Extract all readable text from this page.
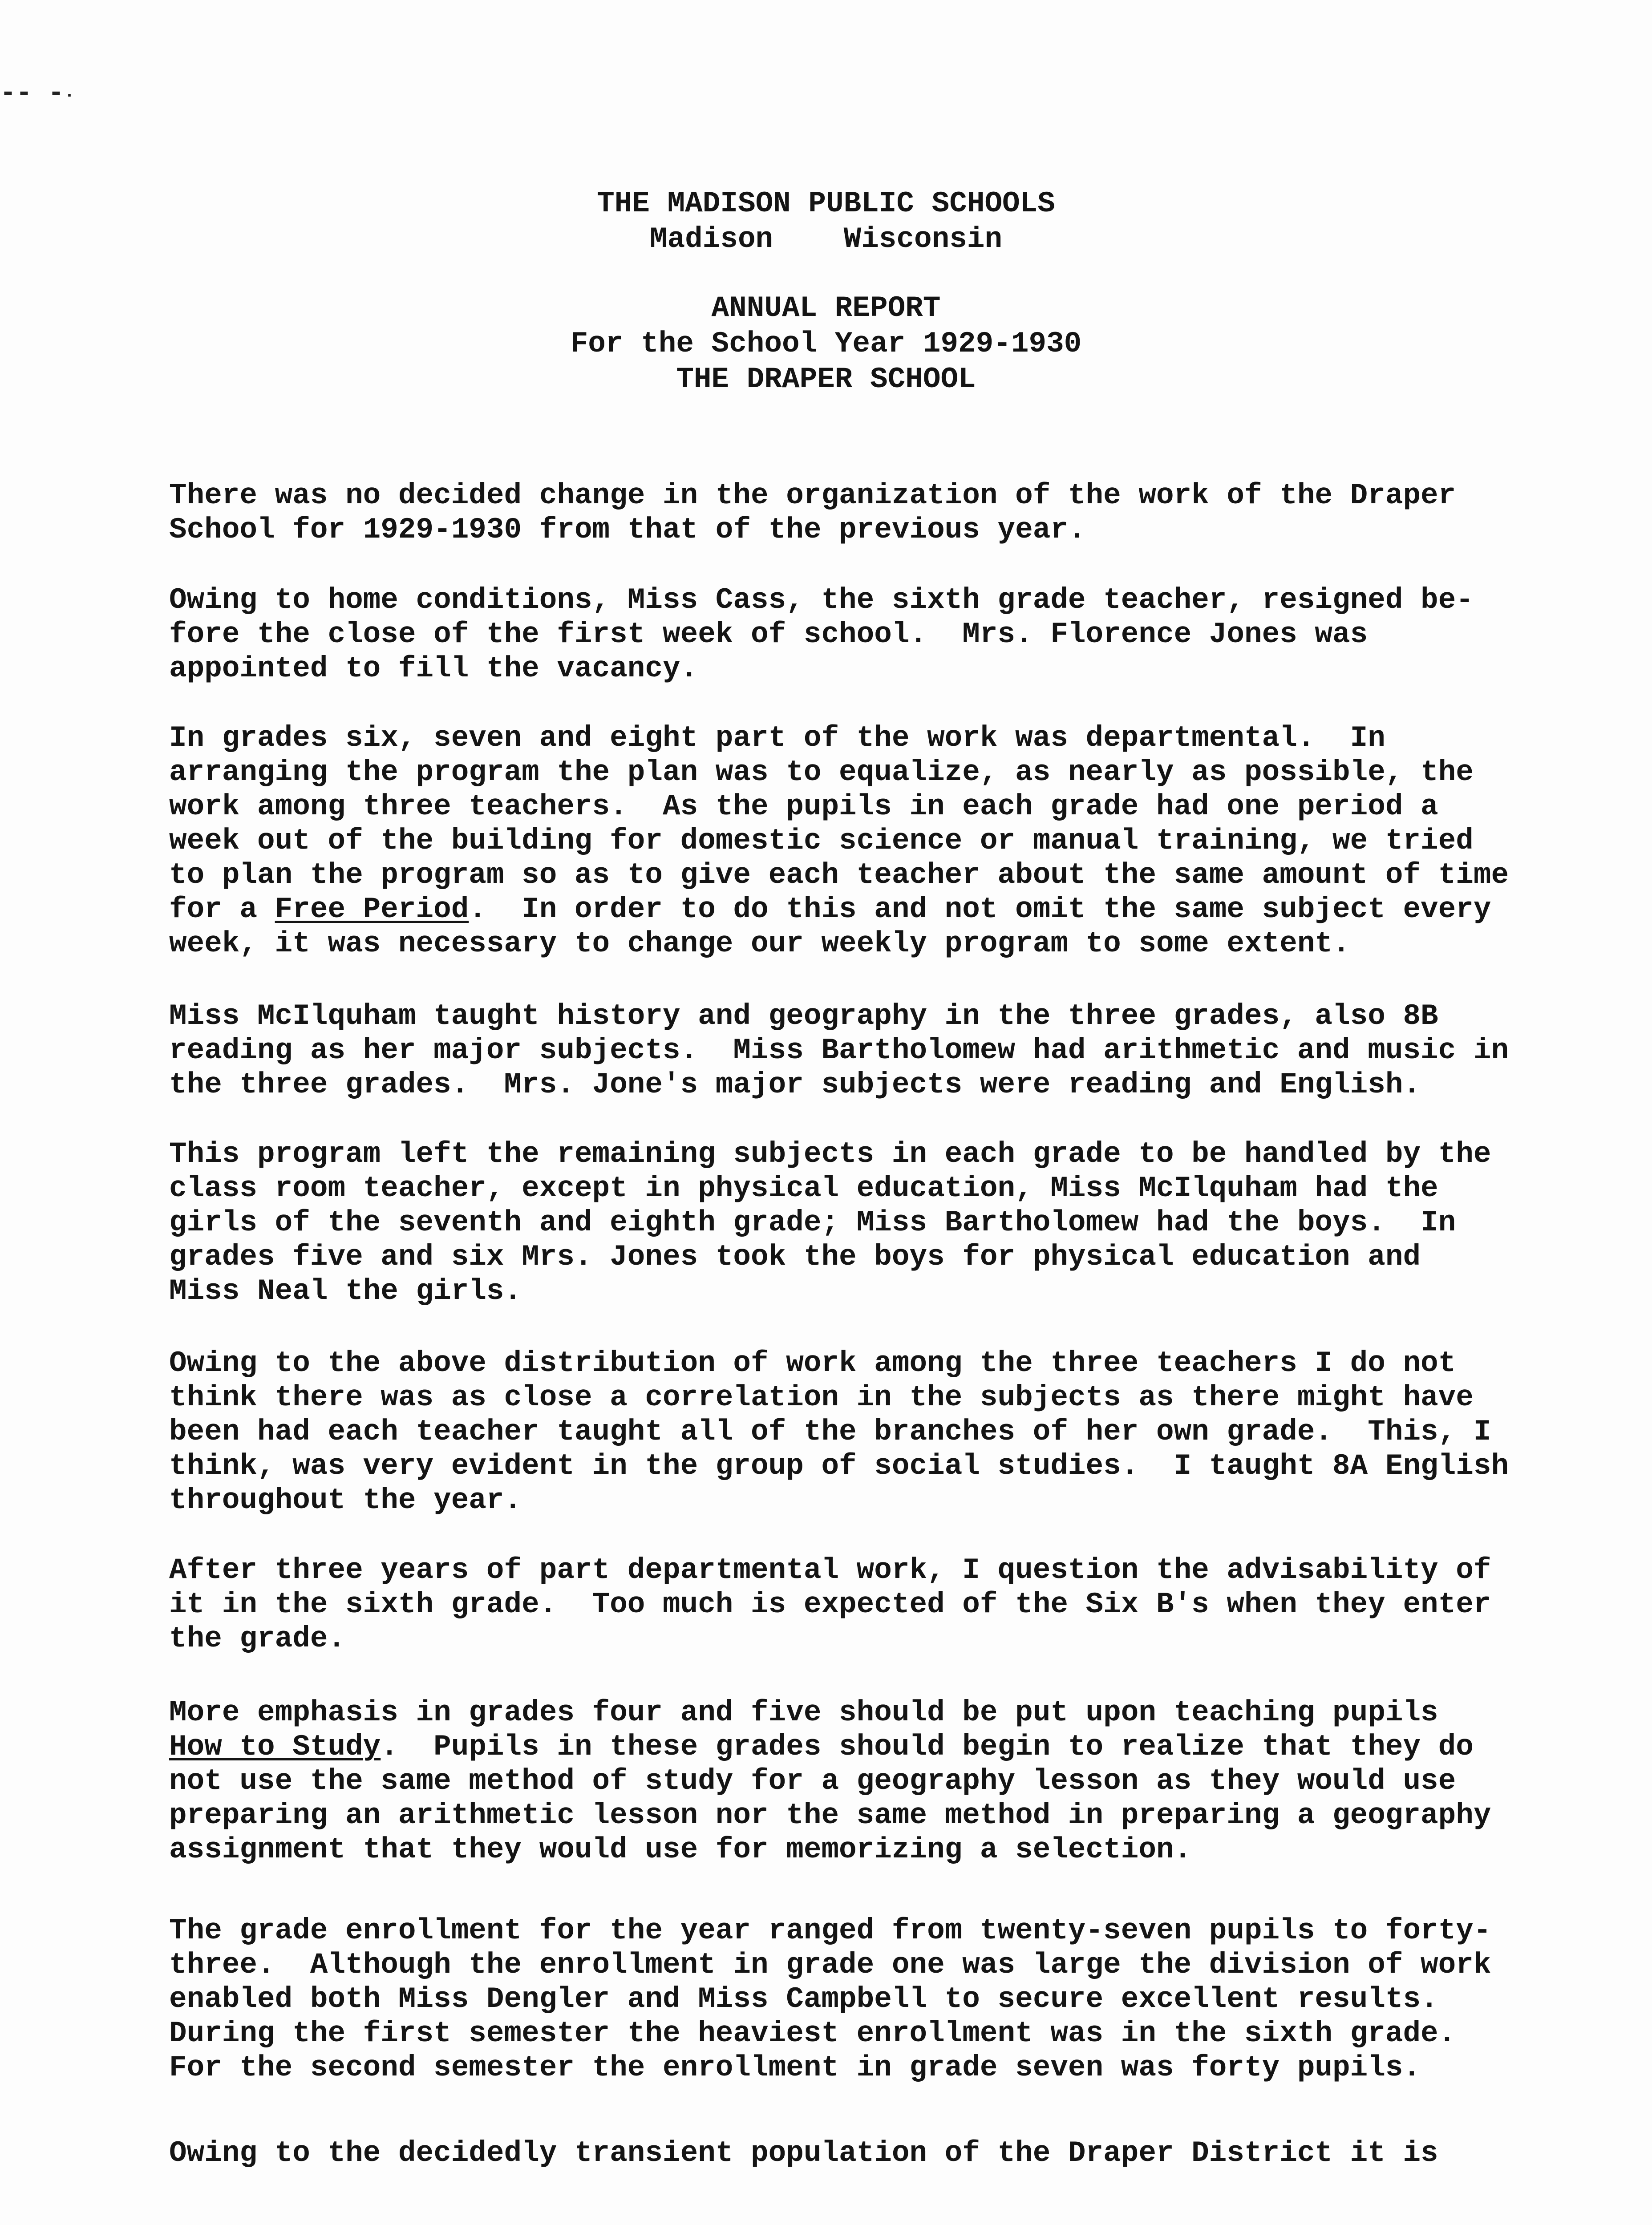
-- -·
THE MADISON PUBLIC SCHOOLS
Madison    Wisconsin
ANNUAL REPORT
For the School Year 1929-1930
THE DRAPER SCHOOL
There was no decided change in the organization of the work of the Draper
School for 1929-1930 from that of the previous year.
Owing to home conditions, Miss Cass, the sixth grade teacher, resigned be-
fore the close of the first week of school.  Mrs. Florence Jones was
appointed to fill the vacancy.
In grades six, seven and eight part of the work was departmental.  In
arranging the program the plan was to equalize, as nearly as possible, the
work among three teachers.  As the pupils in each grade had one period a
week out of the building for domestic science or manual training, we tried
to plan the program so as to give each teacher about the same amount of time
for a Free Period.  In order to do this and not omit the same subject every
week, it was necessary to change our weekly program to some extent.
Miss McIlquham taught history and geography in the three grades, also 8B
reading as her major subjects.  Miss Bartholomew had arithmetic and music in
the three grades.  Mrs. Jone's major subjects were reading and English.
This program left the remaining subjects in each grade to be handled by the
class room teacher, except in physical education, Miss McIlquham had the
girls of the seventh and eighth grade; Miss Bartholomew had the boys.  In
grades five and six Mrs. Jones took the boys for physical education and
Miss Neal the girls.
Owing to the above distribution of work among the three teachers I do not
think there was as close a correlation in the subjects as there might have
been had each teacher taught all of the branches of her own grade.  This, I
think, was very evident in the group of social studies.  I taught 8A English
throughout the year.
After three years of part departmental work, I question the advisability of
it in the sixth grade.  Too much is expected of the Six B's when they enter
the grade.
More emphasis in grades four and five should be put upon teaching pupils
How to Study.  Pupils in these grades should begin to realize that they do
not use the same method of study for a geography lesson as they would use
preparing an arithmetic lesson nor the same method in preparing a geography
assignment that they would use for memorizing a selection.
The grade enrollment for the year ranged from twenty-seven pupils to forty-
three.  Although the enrollment in grade one was large the division of work
enabled both Miss Dengler and Miss Campbell to secure excellent results.
During the first semester the heaviest enrollment was in the sixth grade.
For the second semester the enrollment in grade seven was forty pupils.
Owing to the decidedly transient population of the Draper District it is
